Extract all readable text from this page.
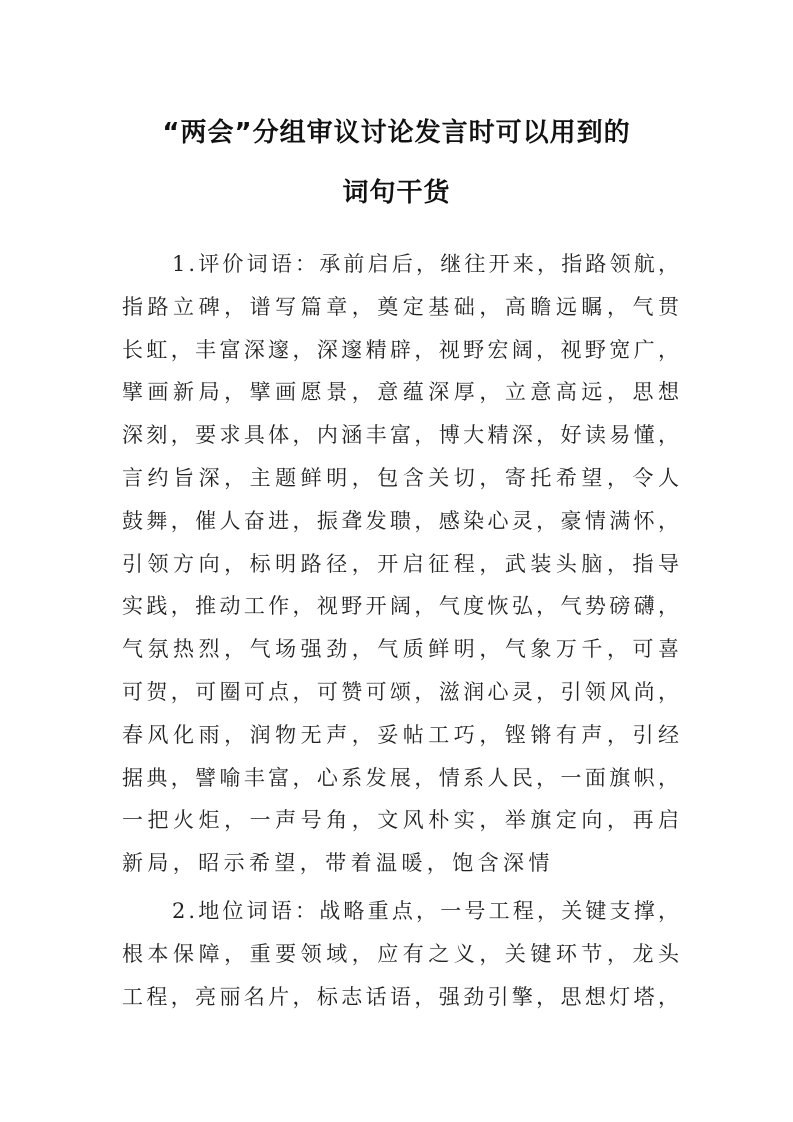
“两会”分组审议讨论发言时可以用到的
词句干货
1.评价词语：承前启后，继往开来，指路领航，
指路立碑，谱写篇章，奠定基础，高瞻远瞩，气贯
长虹，丰富深邃，深邃精辟，视野宏阔，视野宽广，
擘画新局，擘画愿景，意蕴深厚，立意高远，思想
深刻，要求具体，内涵丰富，博大精深，好读易懂，
言约旨深，主题鲜明，包含关切，寄托希望，令人
鼓舞，催人奋进，振聋发聩，感染心灵，豪情满怀，
引领方向，标明路径，开启征程，武装头脑，指导
实践，推动工作，视野开阔，气度恢弘，气势磅礴，
气氛热烈，气场强劲，气质鲜明，气象万千，可喜
可贺，可圈可点，可赞可颂，滋润心灵，引领风尚，
春风化雨，润物无声，妥帖工巧，铿锵有声，引经
据典，譬喻丰富，心系发展，情系人民，一面旗帜，
一把火炬，一声号角，文风朴实，举旗定向，再启
新局，昭示希望，带着温暖，饱含深情
2.地位词语：战略重点，一号工程，关键支撑，
根本保障，重要领域，应有之义，关键环节，龙头
工程，亮丽名片，标志话语，强劲引擎，思想灯塔，
